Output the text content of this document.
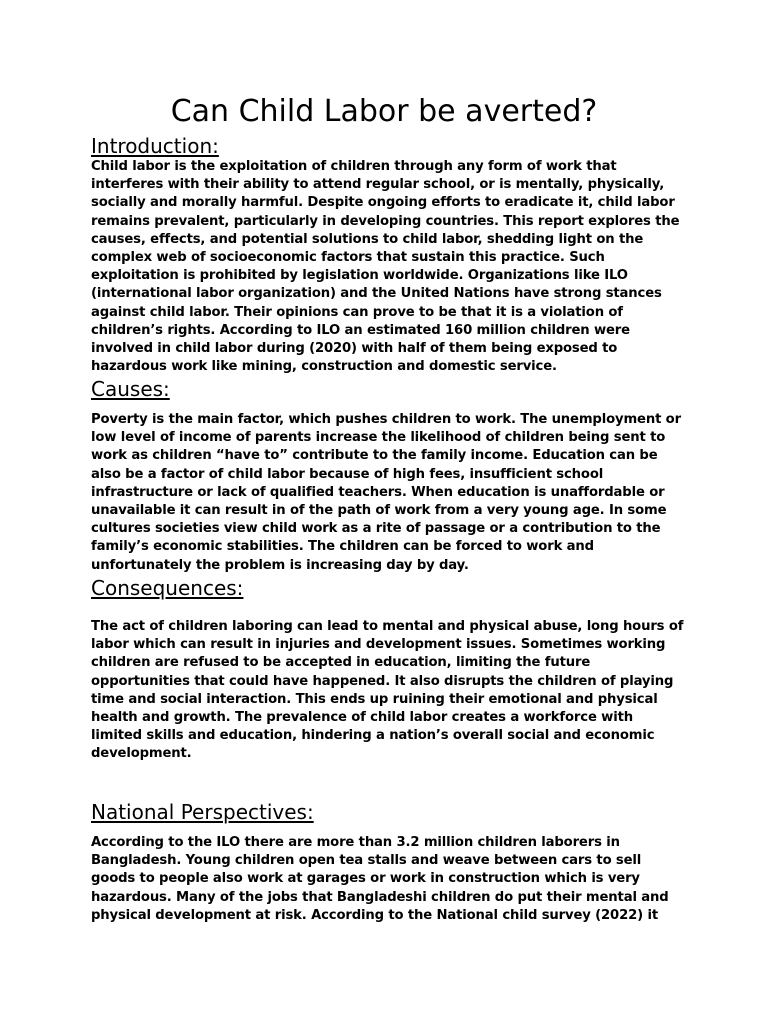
Can Child Labor be averted?
Introduction:
Child labor is the exploitation of children through any form of work that
interferes with their ability to attend regular school, or is mentally, physically,
socially and morally harmful. Despite ongoing efforts to eradicate it, child labor
remains prevalent, particularly in developing countries. This report explores the
causes, effects, and potential solutions to child labor, shedding light on the
complex web of socioeconomic factors that sustain this practice. Such
exploitation is prohibited by legislation worldwide. Organizations like ILO
(international labor organization) and the United Nations have strong stances
against child labor. Their opinions can prove to be that it is a violation of
children’s rights. According to ILO an estimated 160 million children were
involved in child labor during (2020) with half of them being exposed to
hazardous work like mining, construction and domestic service.
Causes:
Poverty is the main factor, which pushes children to work. The unemployment or
low level of income of parents increase the likelihood of children being sent to
work as children “have to” contribute to the family income. Education can be
also be a factor of child labor because of high fees, insufficient school
infrastructure or lack of qualified teachers. When education is unaffordable or
unavailable it can result in of the path of work from a very young age. In some
cultures societies view child work as a rite of passage or a contribution to the
family’s economic stabilities. The children can be forced to work and
unfortunately the problem is increasing day by day.
Consequences:
The act of children laboring can lead to mental and physical abuse, long hours of
labor which can result in injuries and development issues. Sometimes working
children are refused to be accepted in education, limiting the future
opportunities that could have happened. It also disrupts the children of playing
time and social interaction. This ends up ruining their emotional and physical
health and growth. The prevalence of child labor creates a workforce with
limited skills and education, hindering a nation’s overall social and economic
development.
National Perspectives:
According to the ILO there are more than 3.2 million children laborers in
Bangladesh. Young children open tea stalls and weave between cars to sell
goods to people also work at garages or work in construction which is very
hazardous. Many of the jobs that Bangladeshi children do put their mental and
physical development at risk. According to the National child survey (2022) it
